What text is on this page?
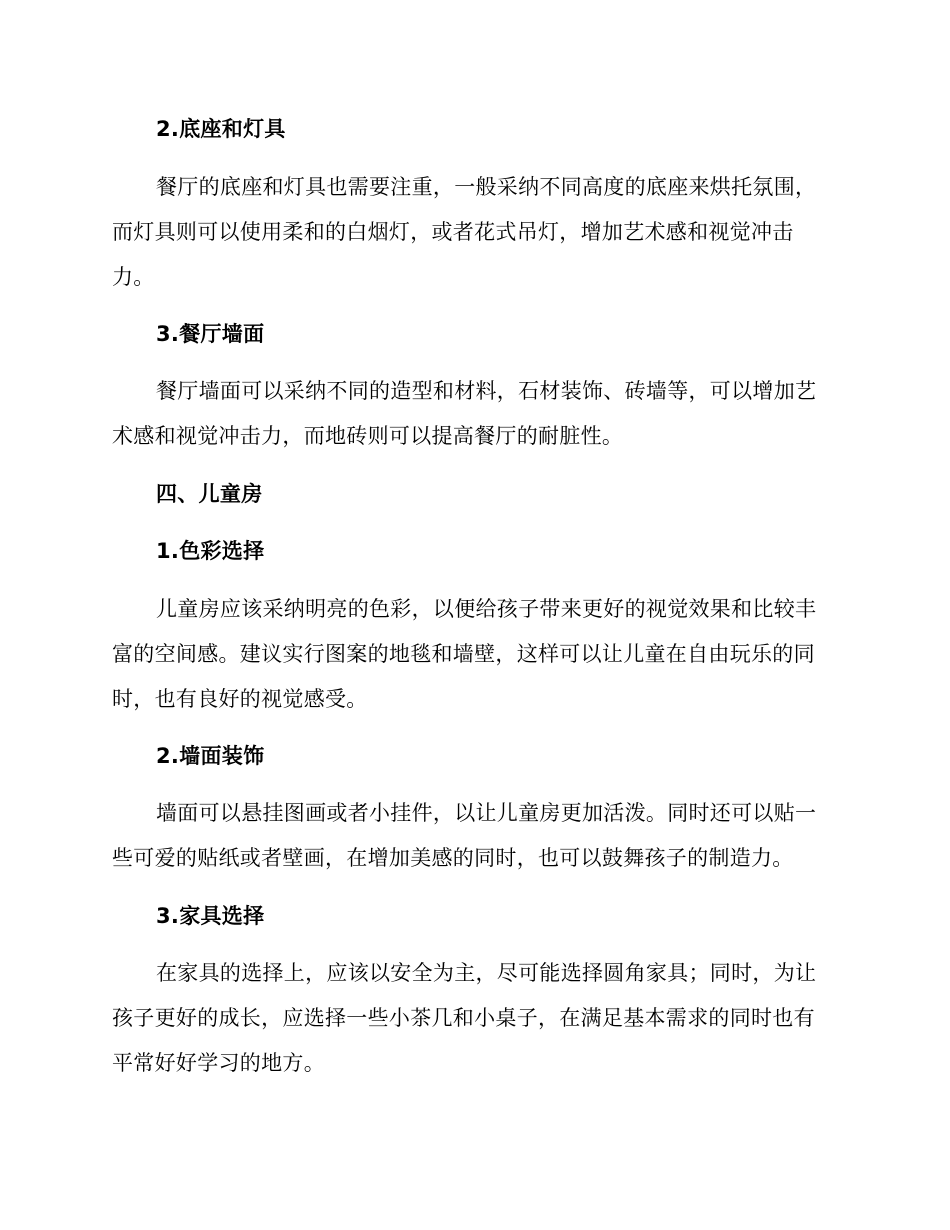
2.底座和灯具
餐厅的底座和灯具也需要注重，一般采纳不同高度的底座来烘托氛围，
而灯具则可以使用柔和的白烟灯，或者花式吊灯，增加艺术感和视觉冲击
力。
3.餐厅墙面
餐厅墙面可以采纳不同的造型和材料，石材装饰、砖墙等，可以增加艺
术感和视觉冲击力，而地砖则可以提高餐厅的耐脏性。
四、儿童房
1.色彩选择
儿童房应该采纳明亮的色彩，以便给孩子带来更好的视觉效果和比较丰
富的空间感。建议实行图案的地毯和墙壁，这样可以让儿童在自由玩乐的同
时，也有良好的视觉感受。
2.墙面装饰
墙面可以悬挂图画或者小挂件，以让儿童房更加活泼。同时还可以贴一
些可爱的贴纸或者壁画，在增加美感的同时，也可以鼓舞孩子的制造力。
3.家具选择
在家具的选择上，应该以安全为主，尽可能选择圆角家具；同时，为让
孩子更好的成长，应选择一些小茶几和小桌子，在满足基本需求的同时也有
平常好好学习的地方。
